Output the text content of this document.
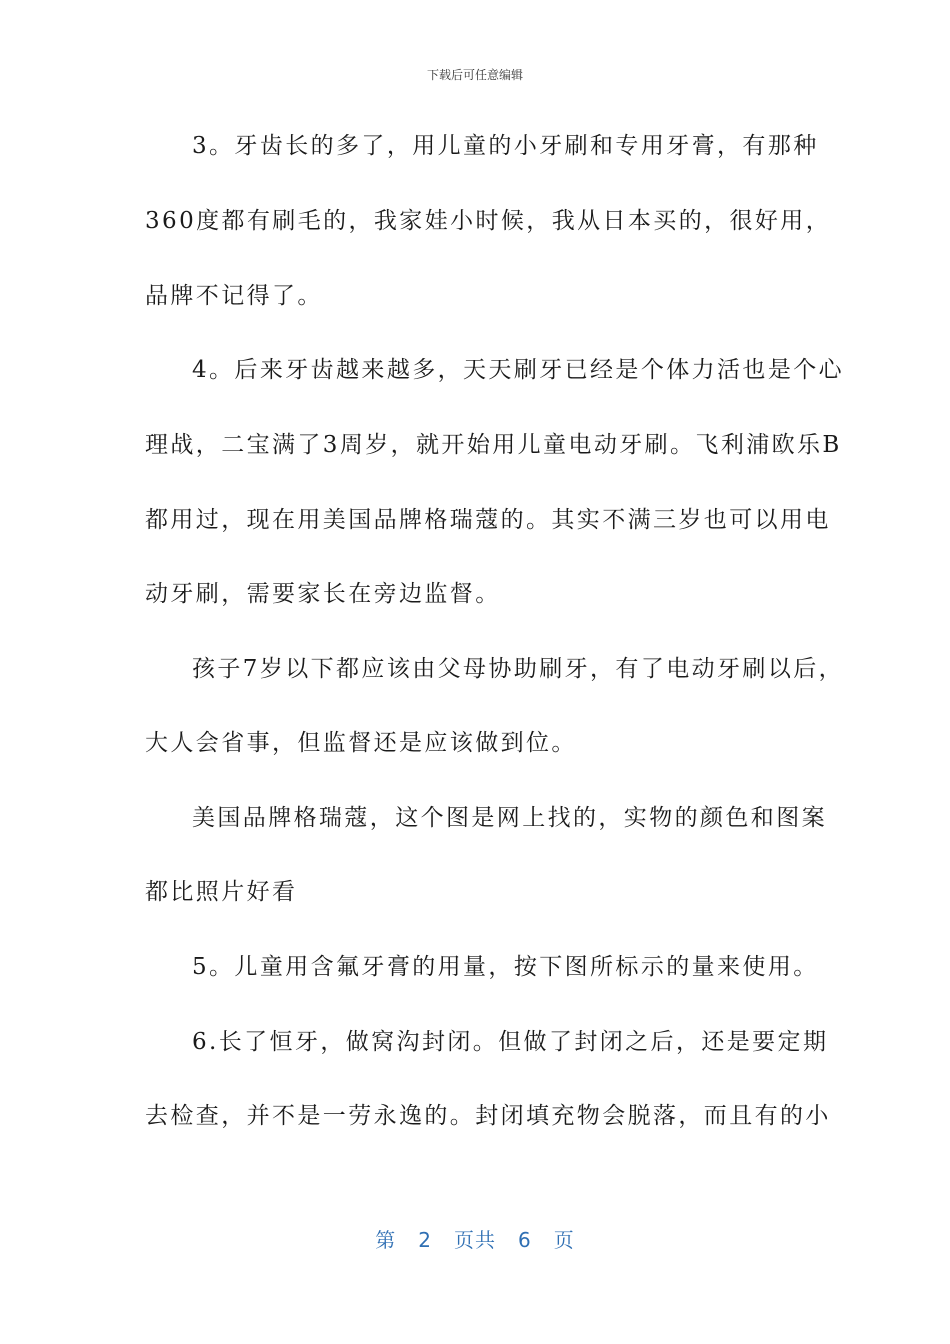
下载后可任意编辑
3。牙齿长的多了，用儿童的小牙刷和专用牙膏，有那种
360度都有刷毛的，我家娃小时候，我从日本买的，很好用，
品牌不记得了。
4。后来牙齿越来越多，天天刷牙已经是个体力活也是个心
理战，二宝满了3周岁，就开始用儿童电动牙刷。飞利浦欧乐B
都用过，现在用美国品牌格瑞蔻的。其实不满三岁也可以用电
动牙刷，需要家长在旁边监督。
孩子7岁以下都应该由父母协助刷牙，有了电动牙刷以后，
大人会省事，但监督还是应该做到位。
美国品牌格瑞蔻，这个图是网上找的，实物的颜色和图案
都比照片好看
5。儿童用含氟牙膏的用量，按下图所标示的量来使用。
6.长了恒牙，做窝沟封闭。但做了封闭之后，还是要定期
去检查，并不是一劳永逸的。封闭填充物会脱落，而且有的小
第 2 页共 6 页
